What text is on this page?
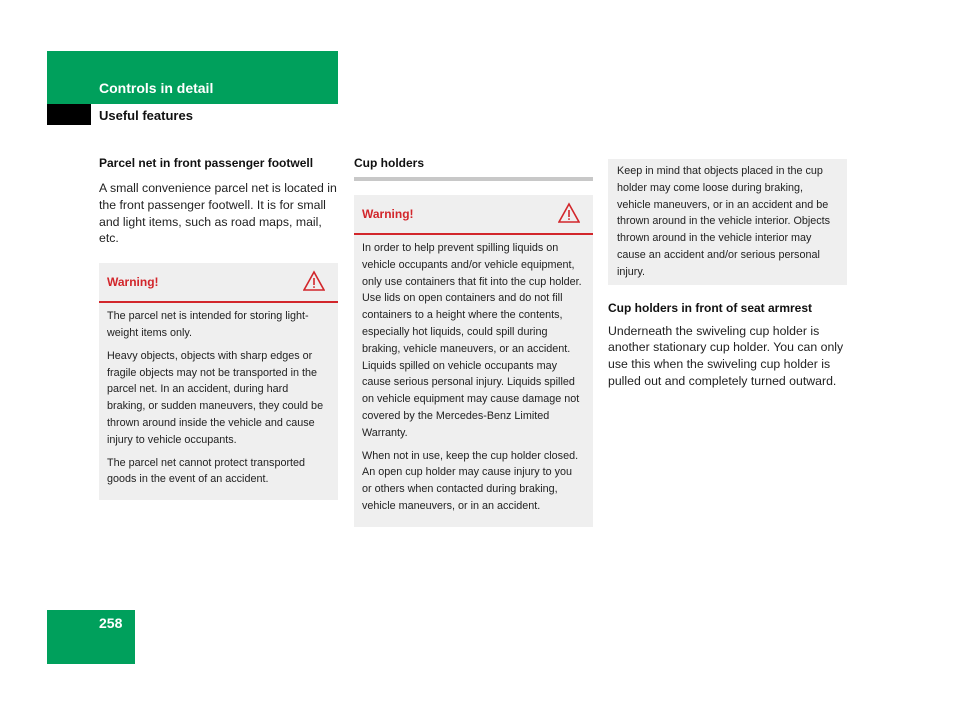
Controls in detail
Useful features

Parcel net in front passenger footwell

A small convenience parcel net is located in the front passenger footwell. It is for small and light items, such as road maps, mail, etc.

Warning!

The parcel net is intended for storing light-weight items only.

Heavy objects, objects with sharp edges or fragile objects may not be transported in the parcel net. In an accident, during hard braking, or sudden maneuvers, they could be thrown around inside the vehicle and cause injury to vehicle occupants.

The parcel net cannot protect transported goods in the event of an accident.

Cup holders

Warning!

In order to help prevent spilling liquids on vehicle occupants and/or vehicle equipment, only use containers that fit into the cup holder. Use lids on open containers and do not fill containers to a height where the contents, especially hot liquids, could spill during braking, vehicle maneuvers, or an accident. Liquids spilled on vehicle occupants may cause serious personal injury. Liquids spilled on vehicle equipment may cause damage not covered by the Mercedes-Benz Limited Warranty.

When not in use, keep the cup holder closed. An open cup holder may cause injury to you or others when contacted during braking, vehicle maneuvers, or in an accident.

Keep in mind that objects placed in the cup holder may come loose during braking, vehicle maneuvers, or in an accident and be thrown around in the vehicle interior. Objects thrown around in the vehicle interior may cause an accident and/or serious personal injury.

Cup holders in front of seat armrest

Underneath the swiveling cup holder is another stationary cup holder. You can only use this when the swiveling cup holder is pulled out and completely turned outward.

258
